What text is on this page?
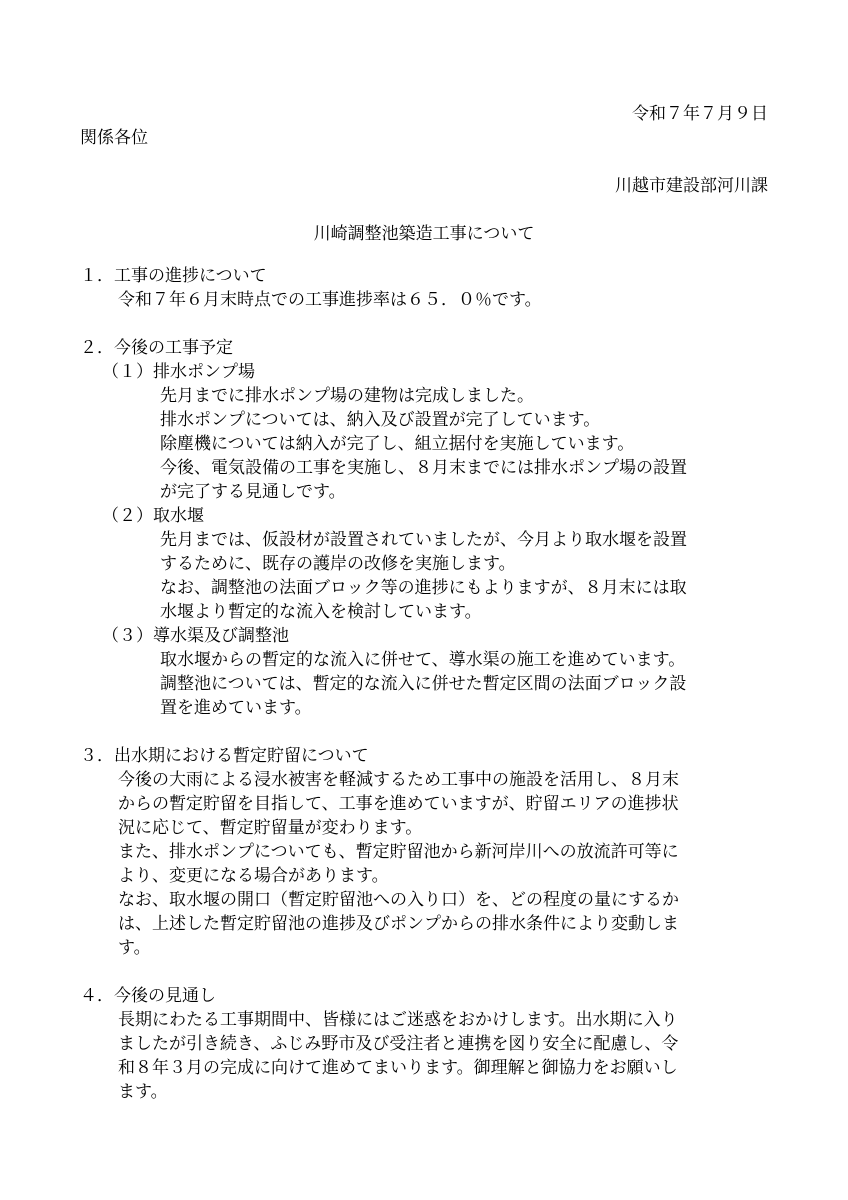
令和７年７月９日
関係各位
川越市建設部河川課
川崎調整池築造工事について
１．工事の進捗について

令和７年６月末時点での工事進捗率は６５．０％です。

２．今後の工事予定
（１）排水ポンプ場

先月までに排水ポンプ場の建物は完成しました。

排水ポンプについては、納入及び設置が完了しています。

除塵機については納入が完了し、組立据付を実施しています。

今後、電気設備の工事を実施し、８月末までには排水ポンプ場の設置

が完了する見通しです。

（２）取水堰

先月までは、仮設材が設置されていましたが、今月より取水堰を設置

するために、既存の護岸の改修を実施します。

なお、調整池の法面ブロック等の進捗にもよりますが、８月末には取

水堰より暫定的な流入を検討しています。

（３）導水渠及び調整池

取水堰からの暫定的な流入に併せて、導水渠の施工を進めています。

調整池については、暫定的な流入に併せた暫定区間の法面ブロック設

置を進めています。

３．出水期における暫定貯留について

今後の大雨による浸水被害を軽減するため工事中の施設を活用し、８月末

からの暫定貯留を目指して、工事を進めていますが、貯留エリアの進捗状

況に応じて、暫定貯留量が変わります。

また、排水ポンプについても、暫定貯留池から新河岸川への放流許可等に

より、変更になる場合があります。

なお、取水堰の開口（暫定貯留池への入り口）を、どの程度の量にするか

は、上述した暫定貯留池の進捗及びポンプからの排水条件により変動しま

す。

４．今後の見通し

長期にわたる工事期間中、皆様にはご迷惑をおかけします。出水期に入り

ましたが引き続き、ふじみ野市及び受注者と連携を図り安全に配慮し、令

和８年３月の完成に向けて進めてまいります。御理解と御協力をお願いし

ます。
